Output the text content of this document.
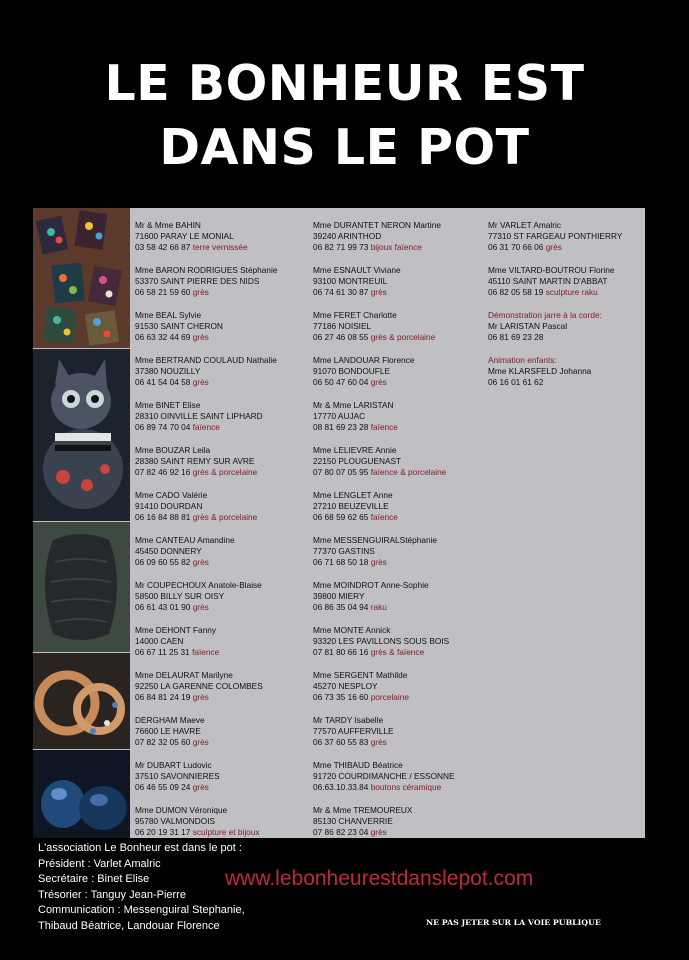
LE BONHEUR EST
DANS LE POT
Mr & Mme BAHIN
71600 PARAY LE MONIAL
03 58 42 66 87 terre vernissée
Mme BARON RODRIGUES Stéphanie
53370 SAINT PIERRE DES NIDS
06 58 21 59 60 grès
Mme BEAL Sylvie
91530 SAINT CHERON
06 63 32 44 69 grès
Mme BERTRAND COULAUD Nathalie
37380 NOUZILLY
06 41 54 04 58 grès
Mme BINET Elise
28310 OINVILLE SAINT LIPHARD
06 89 74 70 04 faïence
Mme BOUZAR Leila
28380 SAINT REMY SUR AVRE
07 82 46 92 16 grès & porcelaine
Mme CADO Valérie
91410 DOURDAN
06 16 84 88 81 grès & porcelaine
Mme CANTEAU Amandine
45450 DONNERY
06 09 60 55 82 grès
Mr COUPECHOUX Anatole-Blaise
58500 BILLY SUR OISY
06 61 43 01 90 grès
Mme DEHONT Fanny
14000 CAEN
06 67 11 25 31 faïence
Mme DELAURAT Marilyne
92250 LA GARENNE COLOMBES
06 84 81 24 19 grès
DERGHAM Maeve
76600 LE HAVRE
07 82 32 05 60 grès
Mr DUBART Ludovic
37510 SAVONNIERES
06 46 55 09 24 grès
Mme DUMON Véronique
95780 VALMONDOIS
06 20 19 31 17 sculpture et bijoux
Mme DURANTET NERON Martine
39240 ARINTHOD
06 82 71 99 73 bijoux faïence
Mme ESNAULT Viviane
93100 MONTREUIL
06 74 61 30 87 grès
Mme FERET Charlotte
77186 NOISIEL
06 27 46 08 55 grès & porcelaine
Mme LANDOUAR Florence
91070 BONDOUFLE
06 50 47 60 04 grès
Mr & Mme LARISTAN
17770 AUJAC
08 81 69 23 28 faïence
Mme LELIEVRE Annie
22150 PLOUGUENAST
07 80 07 05 95 faïence & porcelaine
Mme LENGLET Anne
27210 BEUZEVILLE
06 68 59 62 65 faïence
Mme MESSENGUIRALStéphanie
77370 GASTINS
06 71 68 50 18 grès
Mme MOINDROT Anne-Sophie
39800 MIERY
06 86 35 04 94 raku
Mme MONTE Annick
93320 LES PAVILLONS SOUS BOIS
07 81 80 66 16 grès & faïence
Mme SERGENT Mathilde
45270 NESPLOY
06 73 35 16 60 porcelaine
Mr TARDY Isabelle
77570 AUFFERVILLE
06 37 60 55 83 grès
Mme THIBAUD Béatrice
91720 COURDIMANCHE / ESSONNE
06.63.10.33.84 boutons céramique
Mr & Mme TREMOUREUX
85130 CHANVERRIE
07 86 82 23 04 grès
Mr VARLET Amalric
77310 ST FARGEAU PONTHIERRY
06 31 70 66 06 grès
Mme VILTARD-BOUTROU Florine
45110 SAINT MARTIN D'ABBAT
06 82 05 58 19 sculpture raku
Démonstration jarre à la corde:
Mr LARISTAN Pascal
06 81 69 23 28
Animation enfants:
Mme KLARSFELD Johanna
06 16 01 61 62
L'association Le Bonheur est dans le pot :
Président : Varlet Amalric
Secrétaire : Binet Elise
Trésorier : Tanguy Jean-Pierre
Communication : Messenguiral Stephanie,
Thibaud Béatrice, Landouar Florence
www.lebonheurestdanslepot.com
NE PAS JETER SUR LA VOIE PUBLIQUE
